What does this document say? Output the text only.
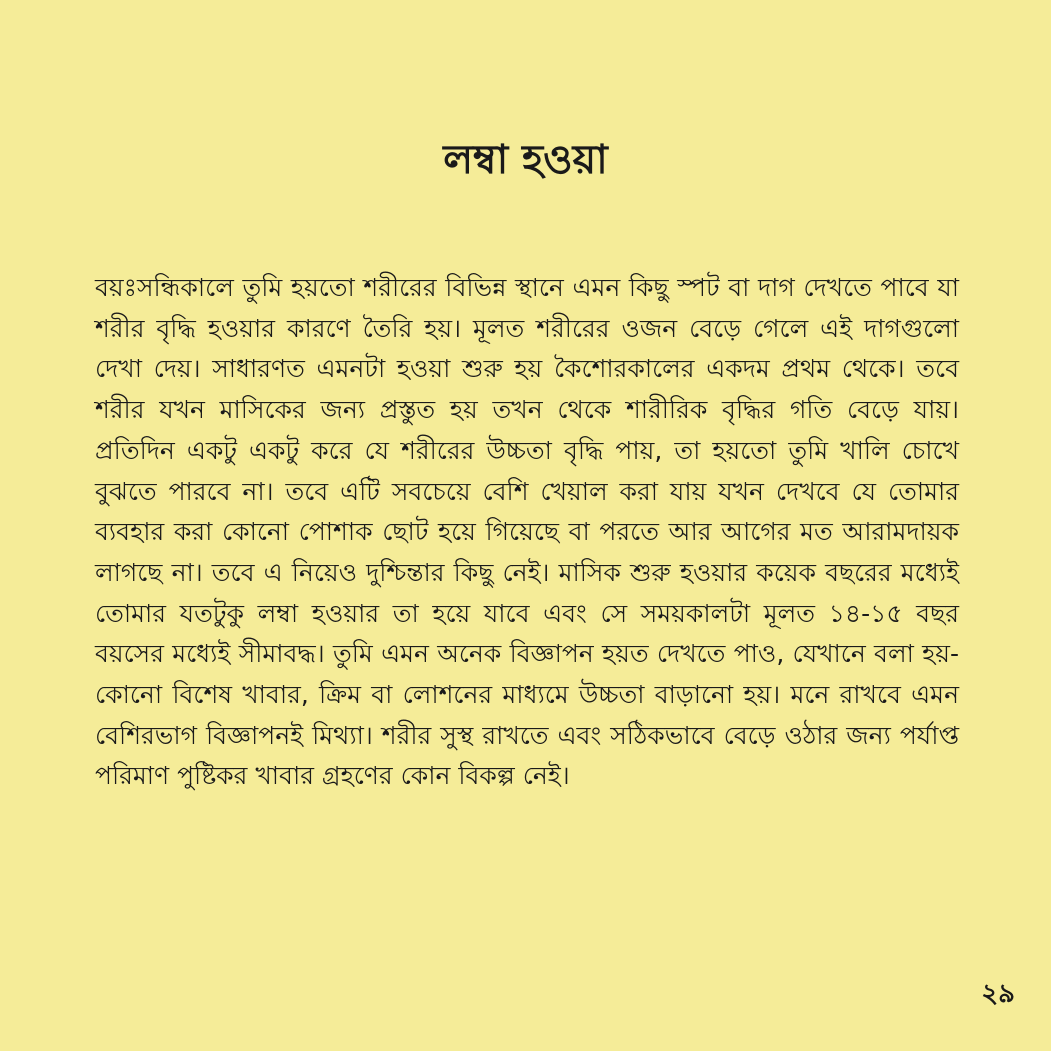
লম্বা হওয়া

বয়ঃসন্ধিকালে তুমি হয়তো শরীরের বিভিন্ন স্থানে এমন কিছু স্পট বা দাগ দেখতে পাবে যা শরীর বৃদ্ধি হওয়ার কারণে তৈরি হয়। মূলত শরীরের ওজন বেড়ে গেলে এই দাগগুলো দেখা দেয়। সাধারণত এমনটা হওয়া শুরু হয় কৈশোরকালের একদম প্রথম থেকে। তবে শরীর যখন মাসিকের জন্য প্রস্তুত হয় তখন থেকে শারীরিক বৃদ্ধির গতি বেড়ে যায়। প্রতিদিন একটু একটু করে যে শরীরের উচ্চতা বৃদ্ধি পায়, তা হয়তো তুমি খালি চোখে বুঝতে পারবে না। তবে এটি সবচেয়ে বেশি খেয়াল করা যায় যখন দেখবে যে তোমার ব্যবহার করা কোনো পোশাক ছোট হয়ে গিয়েছে বা পরতে আর আগের মত আরামদায়ক লাগছে না। তবে এ নিয়েও দুশ্চিন্তার কিছু নেই। মাসিক শুরু হওয়ার কয়েক বছরের মধ্যেই তোমার যতটুকু লম্বা হওয়ার তা হয়ে যাবে এবং সে সময়কালটা মূলত ১৪-১৫ বছর বয়সের মধ্যেই সীমাবদ্ধ। তুমি এমন অনেক বিজ্ঞাপন হয়ত দেখতে পাও, যেখানে বলা হয়- কোনো বিশেষ খাবার, ক্রিম বা লোশনের মাধ্যমে উচ্চতা বাড়ানো হয়। মনে রাখবে এমন বেশিরভাগ বিজ্ঞাপনই মিথ্যা। শরীর সুস্থ রাখতে এবং সঠিকভাবে বেড়ে ওঠার জন্য পর্যাপ্ত পরিমাণ পুষ্টিকর খাবার গ্রহণের কোন বিকল্প নেই।

২৯
